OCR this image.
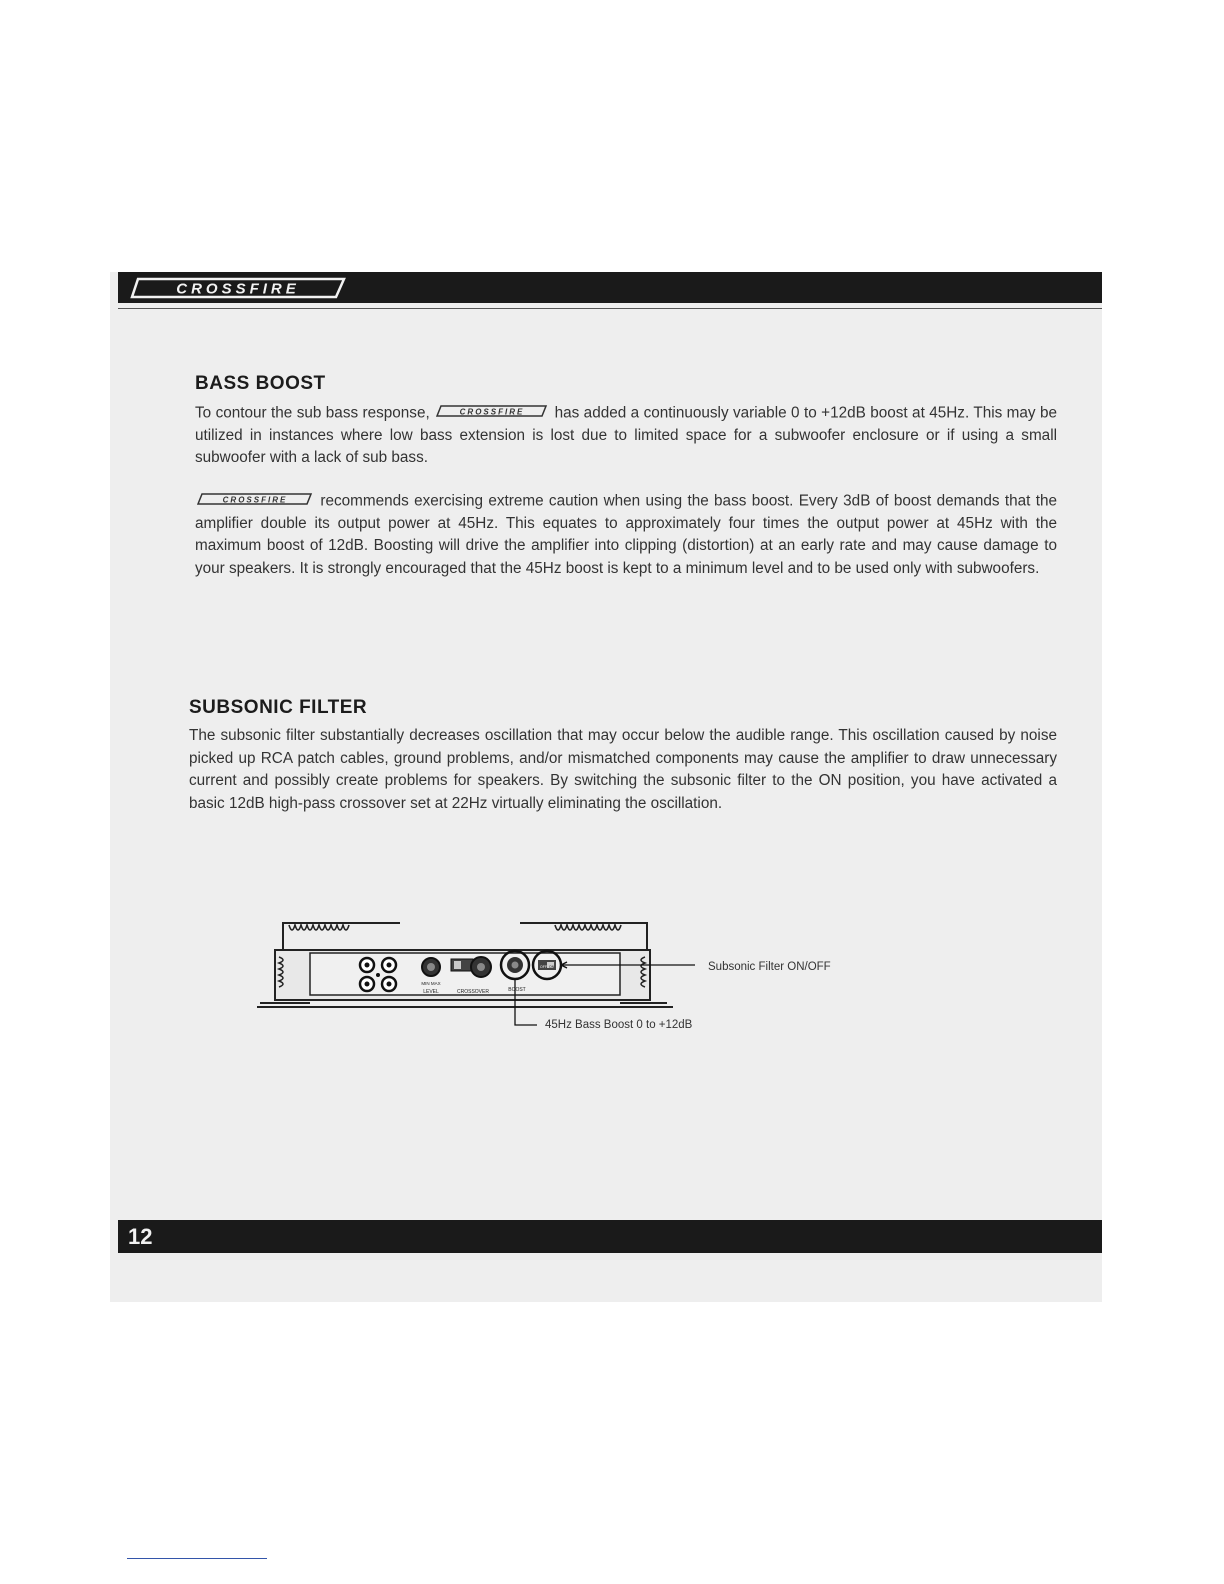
CROSSFIRE
BASS BOOST
To contour the sub bass response,	CROSSFIRE has added a continuously variable 0 to +12dB boost at 45Hz. This may be utilized in instances where low bass extension is lost due to limited space for a subwoofer enclosure or if using a small subwoofer with a lack of sub bass.
CROSSFIRE recommends exercising extreme caution when using the bass boost. Every 3dB of boost demands that the amplifier double its output power at 45Hz. This equates to approximately four times the output power at 45Hz with the maximum boost of 12dB. Boosting will drive the amplifier into clipping (distortion) at an early rate and may cause damage to your speakers. It is strongly encouraged that the 45Hz boost is kept to a minimum level and to be used only with subwoofers.
SUBSONIC FILTER
The subsonic filter substantially decreases oscillation that may occur below the audible range. This oscillation caused by noise picked up RCA patch cables, ground problems, and/or mismatched components may cause the amplifier to draw unnecessary current and possibly create problems for speakers. By switching the subsonic filter to the ON position, you have activated a basic 12dB high-pass crossover set at 22Hz virtually eliminating the oscillation.
MIN MAX
LEVEL	CROSSOVER	BOOST
OFF ON	Subsonic Filter ON/OFF
45Hz Bass Boost 0 to +12dB
12
